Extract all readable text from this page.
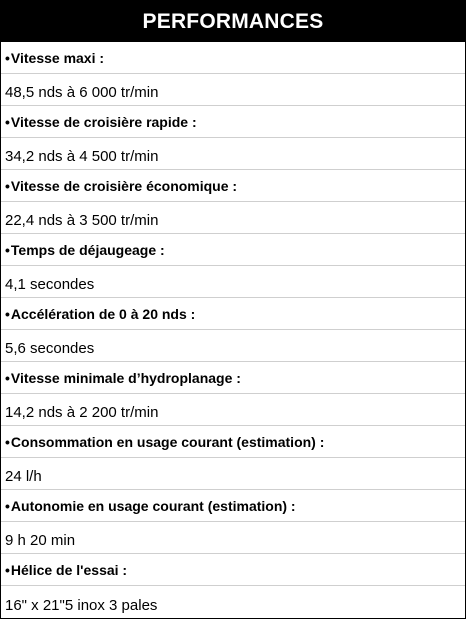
PERFORMANCES
• Vitesse maxi :
48,5 nds à 6 000 tr/min
• Vitesse de croisière rapide :
34,2 nds à 4 500 tr/min
• Vitesse de croisière économique :
22,4 nds à 3 500 tr/min
• Temps de déjaugeage :
4,1 secondes
• Accélération de 0 à 20 nds :
5,6 secondes
• Vitesse minimale d’hydroplanage :
14,2 nds à 2 200 tr/min
• Consommation en usage courant (estimation) :
24 l/h
• Autonomie en usage courant (estimation) :
9 h 20 min
• Hélice de l'essai :
16" x 21"5 inox 3 pales
